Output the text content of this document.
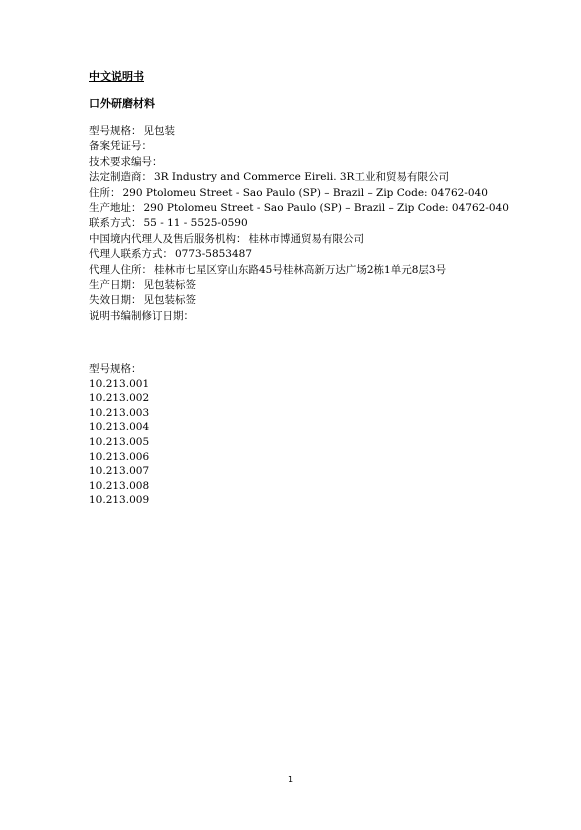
中文说明书
口外研磨材料
型号规格： 见包装
备案凭证号：
技术要求编号：
法定制造商： 3R Industry and Commerce Eireli. 3R工业和贸易有限公司
住所： 290 Ptolomeu Street - Sao Paulo (SP) – Brazil – Zip Code: 04762-040
生产地址： 290 Ptolomeu Street - Sao Paulo (SP) – Brazil – Zip Code: 04762-040
联系方式： 55 - 11 - 5525-0590
中国境内代理人及售后服务机构： 桂林市博通贸易有限公司
代理人联系方式： 0773-5853487
代理人住所： 桂林市七星区穿山东路45号桂林高新万达广场2栋1单元8层3号
生产日期： 见包装标签
失效日期： 见包装标签
说明书编制修订日期：
型号规格：
10.213.001
10.213.002
10.213.003
10.213.004
10.213.005
10.213.006
10.213.007
10.213.008
10.213.009
1
